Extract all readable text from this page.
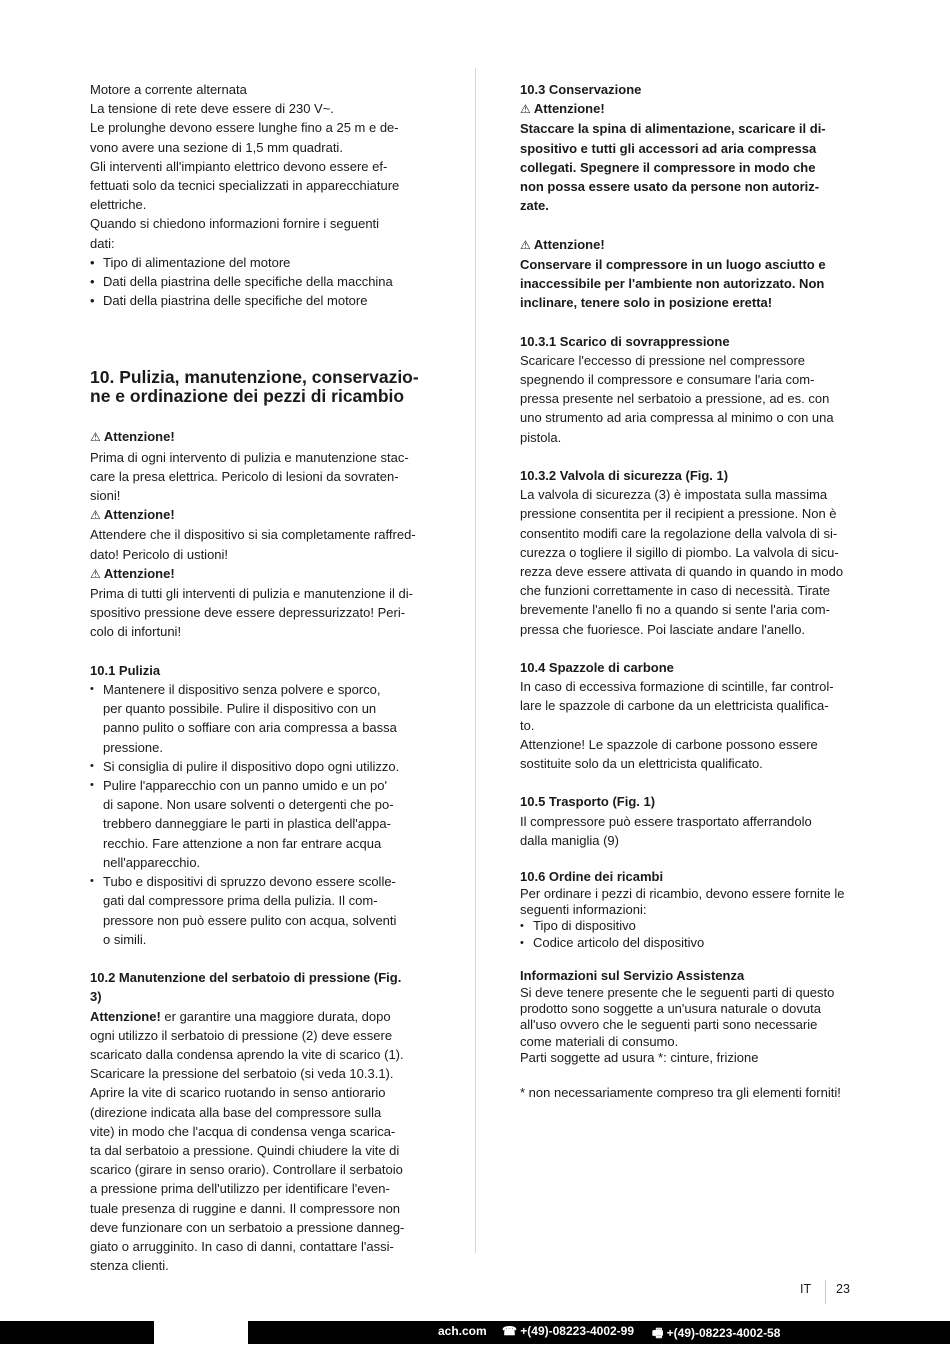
Motore a corrente alternata

La tensione di rete deve essere di 230 V~.

Le prolunghe devono essere lunghe fino a 25 m e de-

vono avere una sezione di 1,5 mm quadrati.

Gli interventi all'impianto elettrico devono essere ef-

fettuati solo da tecnici specializzati in apparecchiature

elettriche.

Quando si chiedono informazioni fornire i seguenti

dati:

• Tipo di alimentazione del motore
• Dati della piastrina delle specifiche della macchina
• Dati della piastrina delle specifiche del motore
10. Pulizia, manutenzione, conservazio-
ne e ordinazione dei pezzi di ricambio

⚠ Attenzione!

Prima di ogni intervento di pulizia e manutenzione stac-

care la presa elettrica. Pericolo di lesioni da sovraten-

sioni!

⚠ Attenzione!

Attendere che il dispositivo si sia completamente raffred-

dato! Pericolo di ustioni!

⚠ Attenzione!

Prima di tutti gli interventi di pulizia e manutenzione il di-

spositivo pressione deve essere depressurizzato! Peri-

colo di infortuni!

10.1 Pulizia

• Mantenere il dispositivo senza polvere e sporco,
per quanto possibile. Pulire il dispositivo con un
panno pulito o soffiare con aria compressa a bassa
pressione.
• Si consiglia di pulire il dispositivo dopo ogni utilizzo.
• Pulire l'apparecchio con un panno umido e un po'
di sapone. Non usare solventi o detergenti che po-
trebbero danneggiare le parti in plastica dell'appa-
recchio. Fare attenzione a non far entrare acqua
nell'apparecchio.
• Tubo e dispositivi di spruzzo devono essere scolle-
gati dal compressore prima della pulizia. Il com-
pressore non può essere pulito con acqua, solventi
o simili.

10.2 Manutenzione del serbatoio di pressione (Fig.

3)

Attenzione! er garantire una maggiore durata, dopo

ogni utilizzo il serbatoio di pressione (2) deve essere

scaricato dalla condensa aprendo la vite di scarico (1).

Scaricare la pressione del serbatoio (si veda 10.3.1).

Aprire la vite di scarico ruotando in senso antiorario

(direzione indicata alla base del compressore sulla

vite) in modo che l'acqua di condensa venga scarica-

ta dal serbatoio a pressione. Quindi chiudere la vite di

scarico (girare in senso orario). Controllare il serbatoio

a pressione prima dell'utilizzo per identificare l'even-

tuale presenza di ruggine e danni. Il compressore non

deve funzionare con un serbatoio a pressione danneg-

giato o arrugginito. In caso di danni, contattare l'assi-

stenza clienti.

10.3 Conservazione

⚠ Attenzione!

Staccare la spina di alimentazione, scaricare il di-

spositivo e tutti gli accessori ad aria compressa

collegati. Spegnere il compressore in modo che

non possa essere usato da persone non autoriz-

zate.

⚠ Attenzione!

Conservare il compressore in un luogo asciutto e

inaccessibile per l'ambiente non autorizzato. Non

inclinare, tenere solo in posizione eretta!

10.3.1 Scarico di sovrappressione

Scaricare l'eccesso di pressione nel compressore

spegnendo il compressore e consumare l'aria com-

pressa presente nel serbatoio a pressione, ad es. con

uno strumento ad aria compressa al minimo o con una

pistola.

10.3.2 Valvola di sicurezza (Fig. 1)

La valvola di sicurezza (3) è impostata sulla massima

pressione consentita per il recipient a pressione. Non è

consentito modifi care la regolazione della valvola di si-

curezza o togliere il sigillo di piombo. La valvola di sicu-

rezza deve essere attivata di quando in quando in modo

che funzioni correttamente in caso di necessità. Tirate

brevemente l'anello fi no a quando si sente l'aria com-

pressa che fuoriesce. Poi lasciate andare l'anello.

10.4 Spazzole di carbone

In caso di eccessiva formazione di scintille, far control-

lare le spazzole di carbone da un elettricista qualifica-

to.

Attenzione! Le spazzole di carbone possono essere

sostituite solo da un elettricista qualificato.

10.5 Trasporto (Fig. 1)

Il compressore può essere trasportato afferrandolo

dalla maniglia (9)

10.6 Ordine dei ricambi

Per ordinare i pezzi di ricambio, devono essere fornite le

seguenti informazioni:

• Tipo di dispositivo
• Codice articolo del dispositivo

Informazioni sul Servizio Assistenza

Si deve tenere presente che le seguenti parti di questo

prodotto sono soggette a un'usura naturale o dovuta

all'uso ovvero che le seguenti parti sono necessarie

come materiali di consumo.

Parti soggette ad usura *: cinture, frizione

* non necessariamente compreso tra gli elementi forniti!

IT 23
ach.com ☎ +(49)-08223-4002-99 🖷 +(49)-08223-4002-58
